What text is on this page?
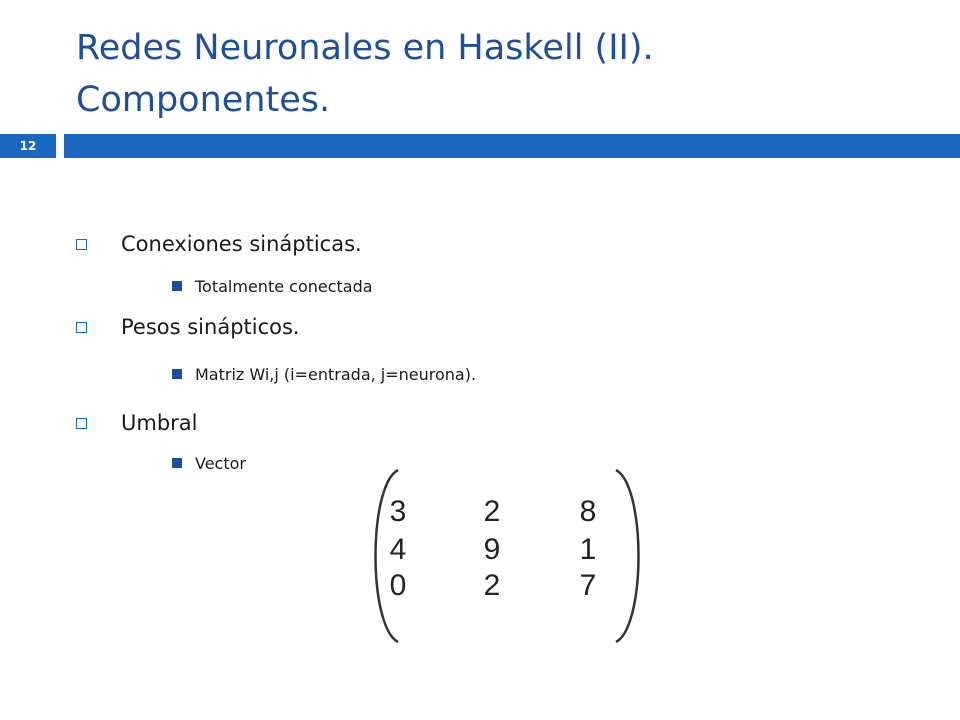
Redes Neuronales en Haskell (II).
Componentes.
12
Conexiones sinápticas.
Totalmente conectada
Pesos sinápticos.
Matriz Wi,j (i=entrada, j=neurona).
Umbral
Vector
3	2	8
4	9	1
0	2	7
